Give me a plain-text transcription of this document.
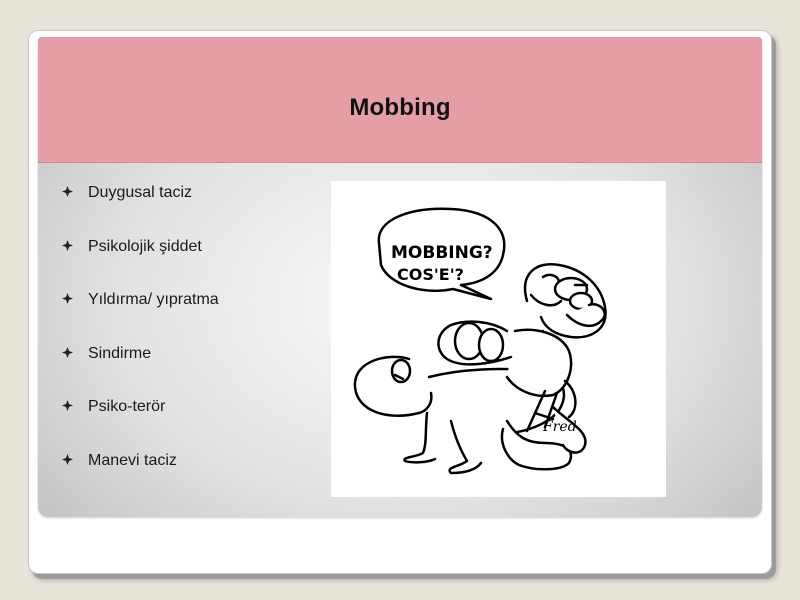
Mobbing
Duygusal taciz
Psikolojik şiddet
Yıldırma/ yıpratma
Sindirme
Psiko-terör
Manevi taciz
MOBBING?
COS'E'?
Fred
